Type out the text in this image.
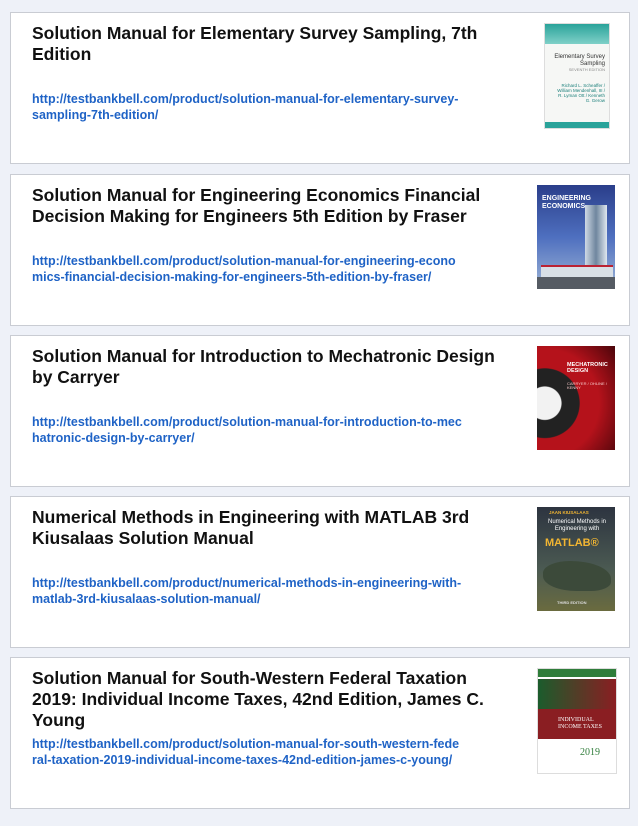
Solution Manual for Elementary Survey Sampling, 7th Edition
http://testbankbell.com/product/solution-manual-for-elementary-survey-sampling-7th-edition/
Elementary Survey Sampling
SEVENTH EDITION
Richard L. Scheaffer / William Mendenhall, III / R. Lyman Ott / Kenneth G. Gerow
Solution Manual for Engineering Economics Financial Decision Making for Engineers 5th Edition by Fraser
http://testbankbell.com/product/solution-manual-for-engineering-economics-financial-decision-making-for-engineers-5th-edition-by-fraser/
ENGINEERING ECONOMICS
Solution Manual for Introduction to Mechatronic Design by Carryer
http://testbankbell.com/product/solution-manual-for-introduction-to-mechatronic-design-by-carryer/
MECHATRONIC DESIGN
CARRYER / OHLINE / KENNY
Numerical Methods in Engineering with MATLAB 3rd Kiusalaas Solution Manual
http://testbankbell.com/product/numerical-methods-in-engineering-with-matlab-3rd-kiusalaas-solution-manual/
JAAN KIUSALAAS
Numerical Methods in Engineering with
MATLAB®
THIRD EDITION
Solution Manual for South-Western Federal Taxation 2019: Individual Income Taxes, 42nd Edition, James C. Young
http://testbankbell.com/product/solution-manual-for-south-western-federal-taxation-2019-individual-income-taxes-42nd-edition-james-c-young/
INDIVIDUAL INCOME TAXES
2019
